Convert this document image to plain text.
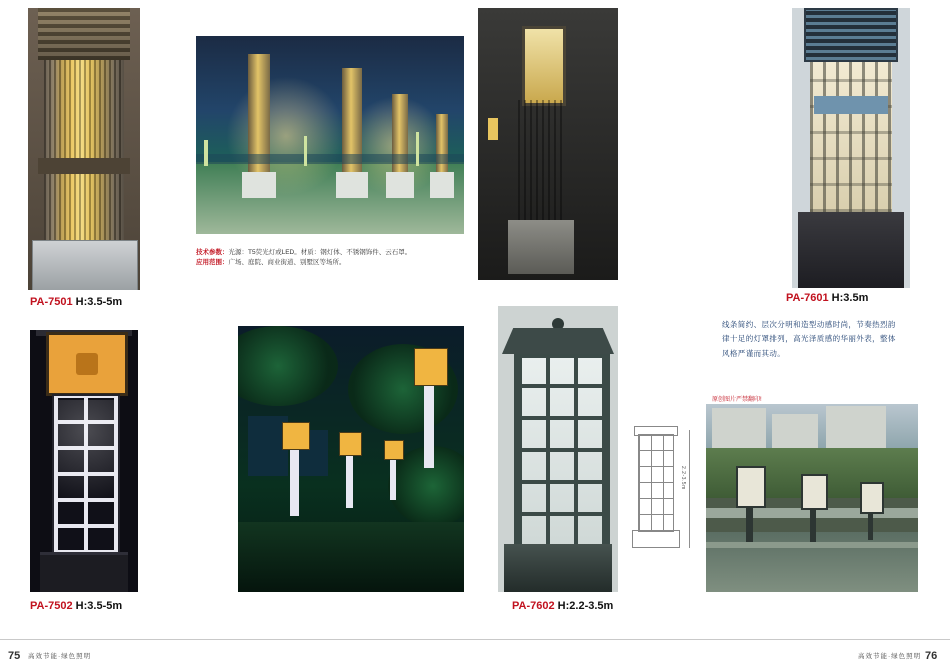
PA-7501 H:3.5-5m
PA-7502 H:3.5-5m
技术参数：光源：T5荧光灯或LED。材质：钢灯体、不锈钢饰件、云石罩。
应用范围：广场、庭院、商业街道、别墅区等场所。
PA-7601 H:3.5m
线条简约、层次分明和造型动感时尚，节奏热烈韵律十足的灯罩排列，高光泽质感的华丽外表，整体风格严谨而其动。
PA-7602 H:2.2-3.5m
2.2-3.5m
原创图片严禁翻印!
75 高效节能·绿色照明	76
高效节能·绿色照明
